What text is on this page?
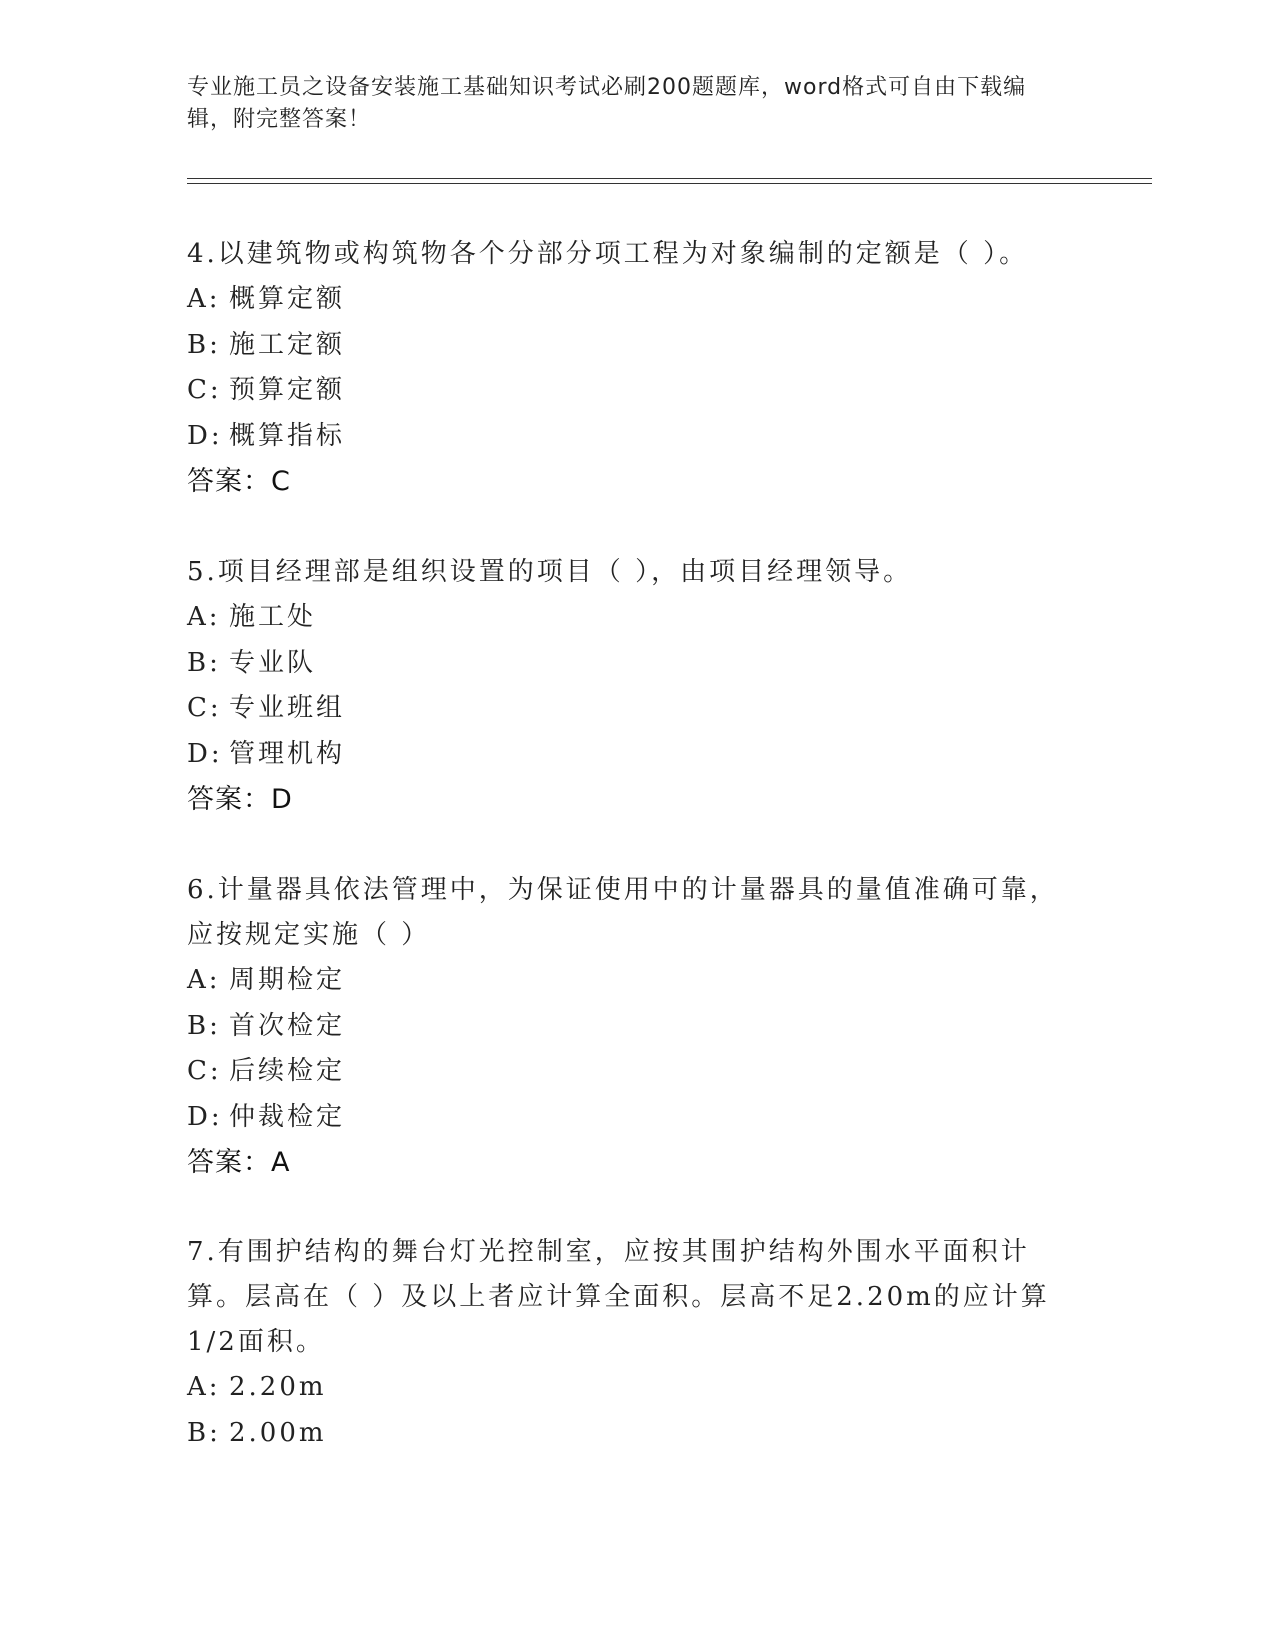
专业施工员之设备安装施工基础知识考试必刷200题题库，word格式可自由下载编辑，附完整答案！

4.以建筑物或构筑物各个分部分项工程为对象编制的定额是（ ）。

A: 概算定额
B: 施工定额
C: 预算定额
D: 概算指标
答案：C

5.项目经理部是组织设置的项目（ ），由项目经理领导。

A: 施工处
B: 专业队
C: 专业班组
D: 管理机构
答案：D

6.计量器具依法管理中，为保证使用中的计量器具的量值准确可靠，应按规定实施（ ）

A: 周期检定
B: 首次检定
C: 后续检定
D: 仲裁检定
答案：A

7.有围护结构的舞台灯光控制室，应按其围护结构外围水平面积计算。层高在（ ）及以上者应计算全面积。层高不足2.20m的应计算1/2面积。

A: 2.20m
B: 2.00m
